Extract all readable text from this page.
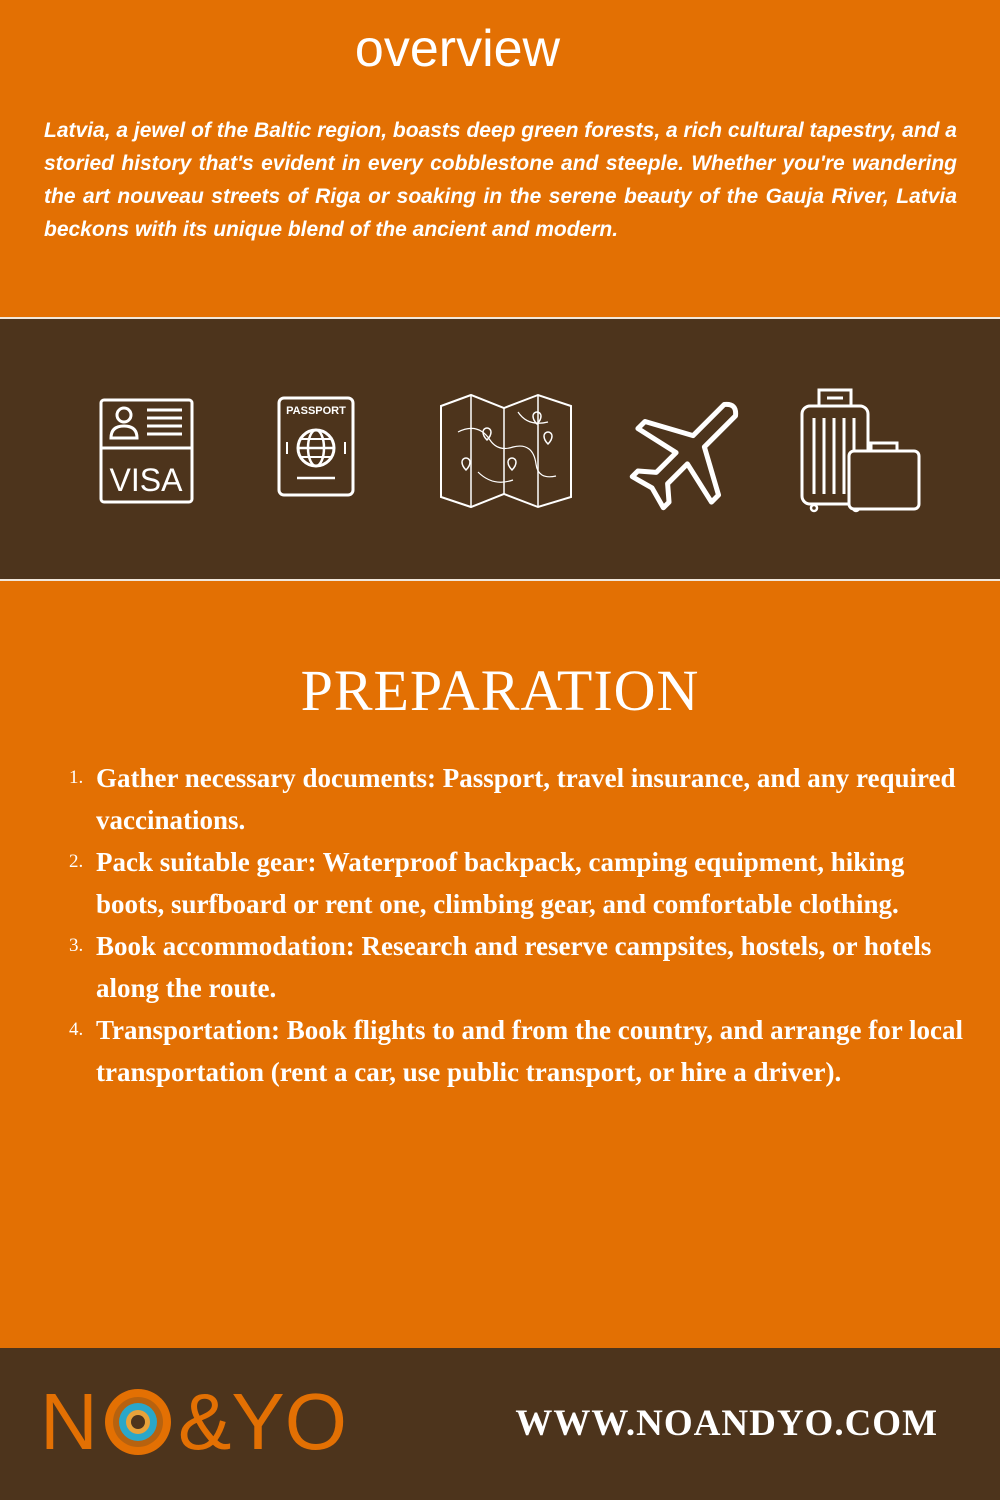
overview

Latvia, a jewel of the Baltic region, boasts deep green forests, a rich cultural tapestry, and a storied history that's evident in every cobblestone and steeple. Whether you're wandering the art nouveau streets of Riga or soaking in the serene beauty of the Gauja River, Latvia beckons with its unique blend of the ancient and modern.

VISA
PASSPORT
PREPARATION
1. Gather necessary documents: Passport, travel insurance, and any required vaccinations.
2. Pack suitable gear: Waterproof backpack, camping equipment, hiking boots, surfboard or rent one, climbing gear, and comfortable clothing.
3. Book accommodation: Research and reserve campsites, hostels, or hotels along the route.
4. Transportation: Book flights to and from the country, and arrange for local transportation (rent a car, use public transport, or hire a driver).
N &YO	WWW.NOANDYO.COM
